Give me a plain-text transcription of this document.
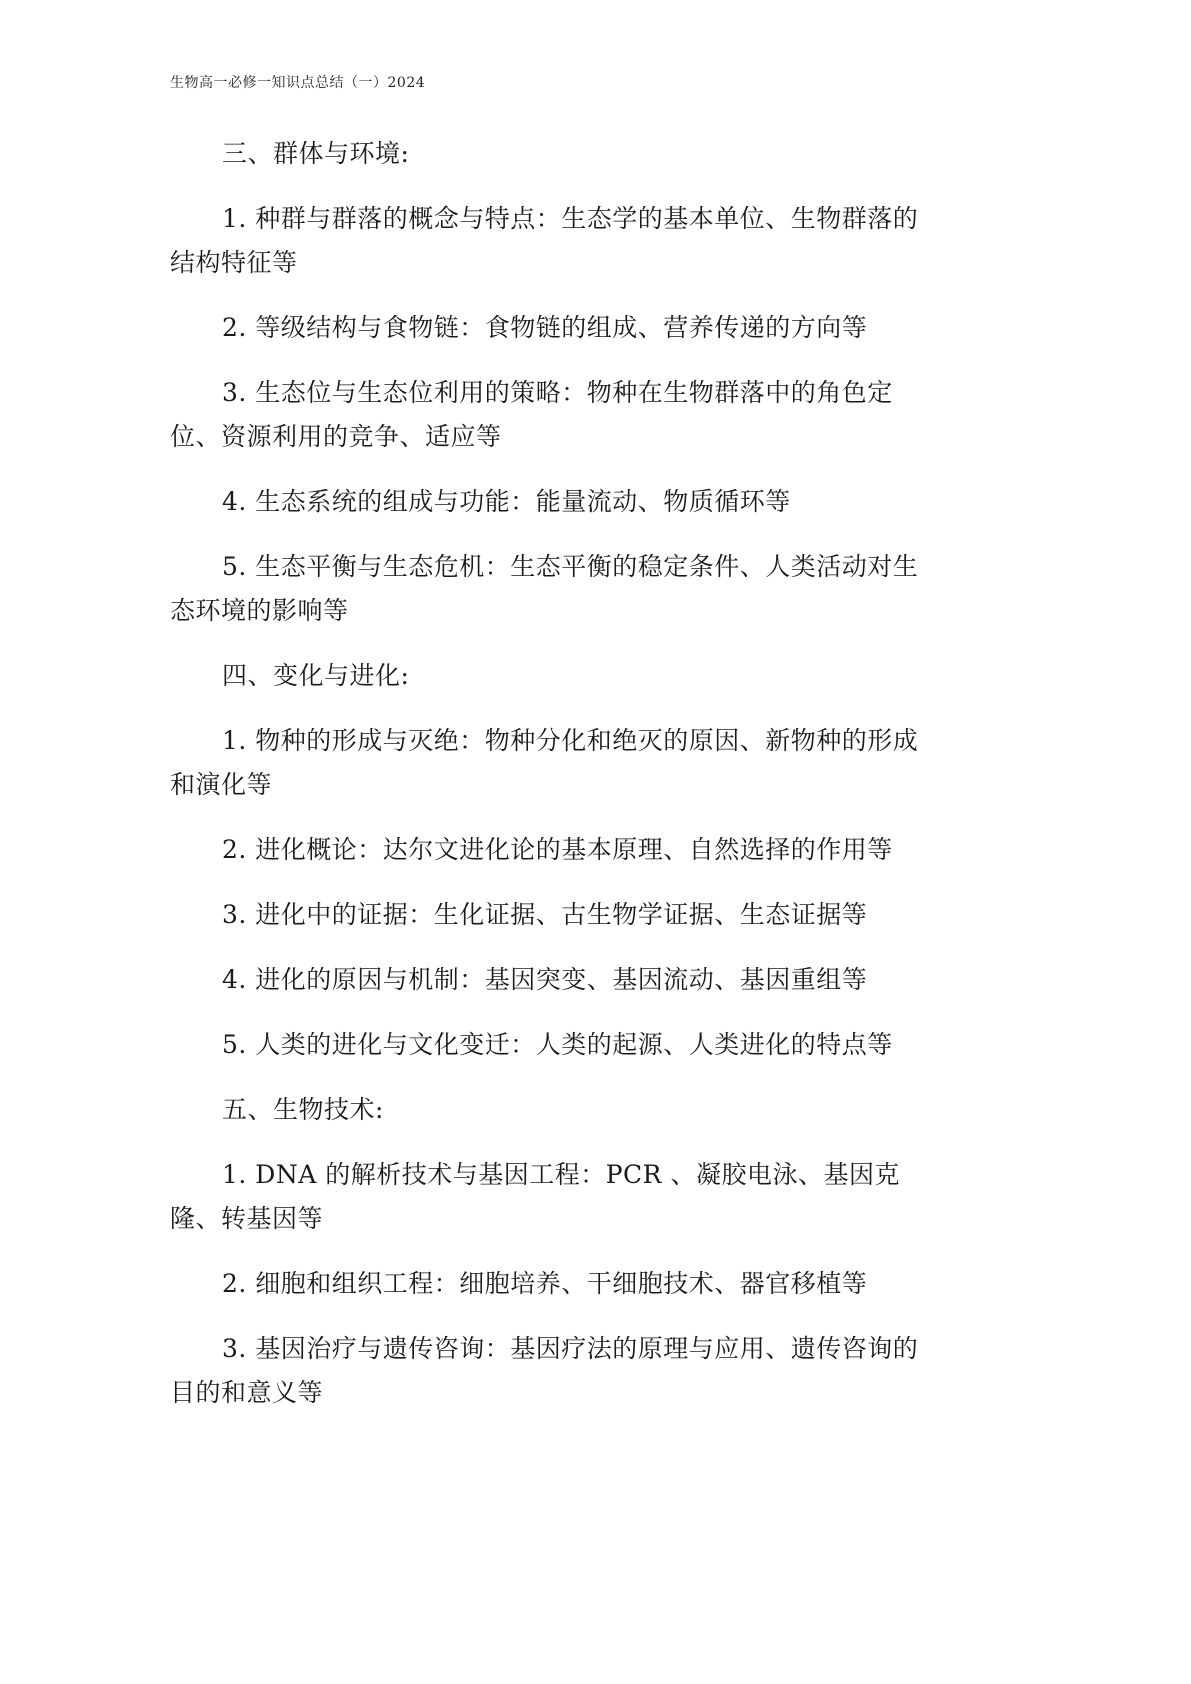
生物高一必修一知识点总结（一）2024

三、群体与环境:

1. 种群与群落的概念与特点：生态学的基本单位、生物群落的结构特征等

2. 等级结构与食物链：食物链的组成、营养传递的方向等

3. 生态位与生态位利用的策略：物种在生物群落中的角色定位、资源利用的竞争、适应等

4. 生态系统的组成与功能：能量流动、物质循环等

5. 生态平衡与生态危机：生态平衡的稳定条件、人类活动对生态环境的影响等

四、变化与进化:

1. 物种的形成与灭绝：物种分化和绝灭的原因、新物种的形成和演化等

2. 进化概论：达尔文进化论的基本原理、自然选择的作用等

3. 进化中的证据：生化证据、古生物学证据、生态证据等

4. 进化的原因与机制：基因突变、基因流动、基因重组等

5. 人类的进化与文化变迁：人类的起源、人类进化的特点等

五、生物技术:

1. DNA 的解析技术与基因工程：PCR 、凝胶电泳、基因克隆、转基因等

2. 细胞和组织工程：细胞培养、干细胞技术、器官移植等

3. 基因治疗与遗传咨询：基因疗法的原理与应用、遗传咨询的目的和意义等
